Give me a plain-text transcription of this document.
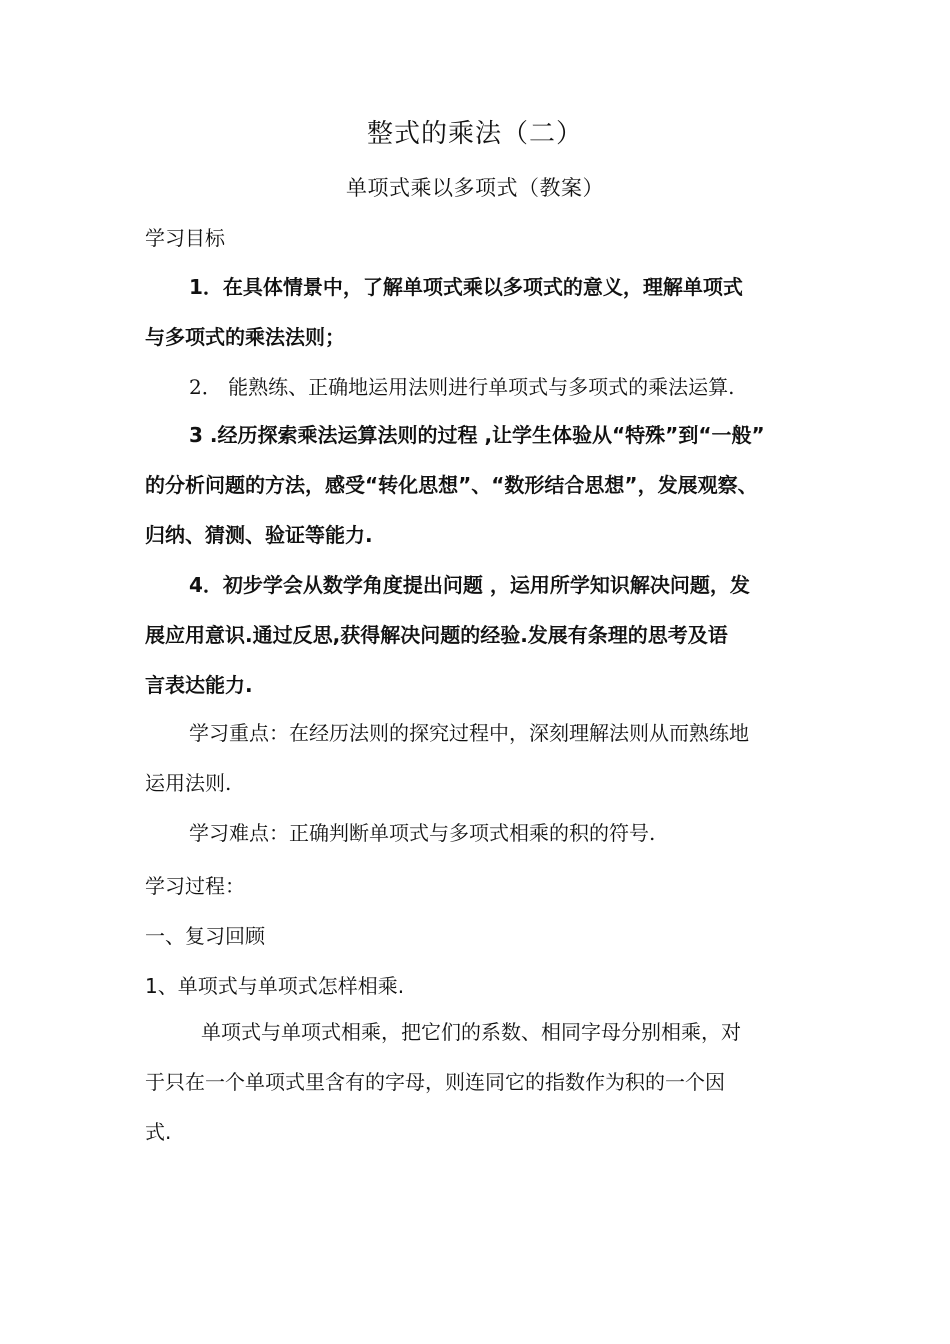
整式的乘法（二）
单项式乘以多项式（教案）
学习目标
1．在具体情景中，了解单项式乘以多项式的意义，理解单项式
与多项式的乘法法则；
2． 能熟练、正确地运用法则进行单项式与多项式的乘法运算.
3 .经历探索乘法运算法则的过程 ,让学生体验从“特殊”到“一般”
的分析问题的方法，感受“转化思想”、“数形结合思想”，发展观察、
归纳、猜测、验证等能力.
4．初步学会从数学角度提出问题 ，运用所学知识解决问题，发
展应用意识.通过反思,获得解决问题的经验.发展有条理的思考及语
言表达能力.
学习重点：在经历法则的探究过程中，深刻理解法则从而熟练地
运用法则.
学习难点：正确判断单项式与多项式相乘的积的符号.
学习过程：
一、复习回顾
1、单项式与单项式怎样相乘.
单项式与单项式相乘，把它们的系数、相同字母分别相乘，对
于只在一个单项式里含有的字母，则连同它的指数作为积的一个因
式.
